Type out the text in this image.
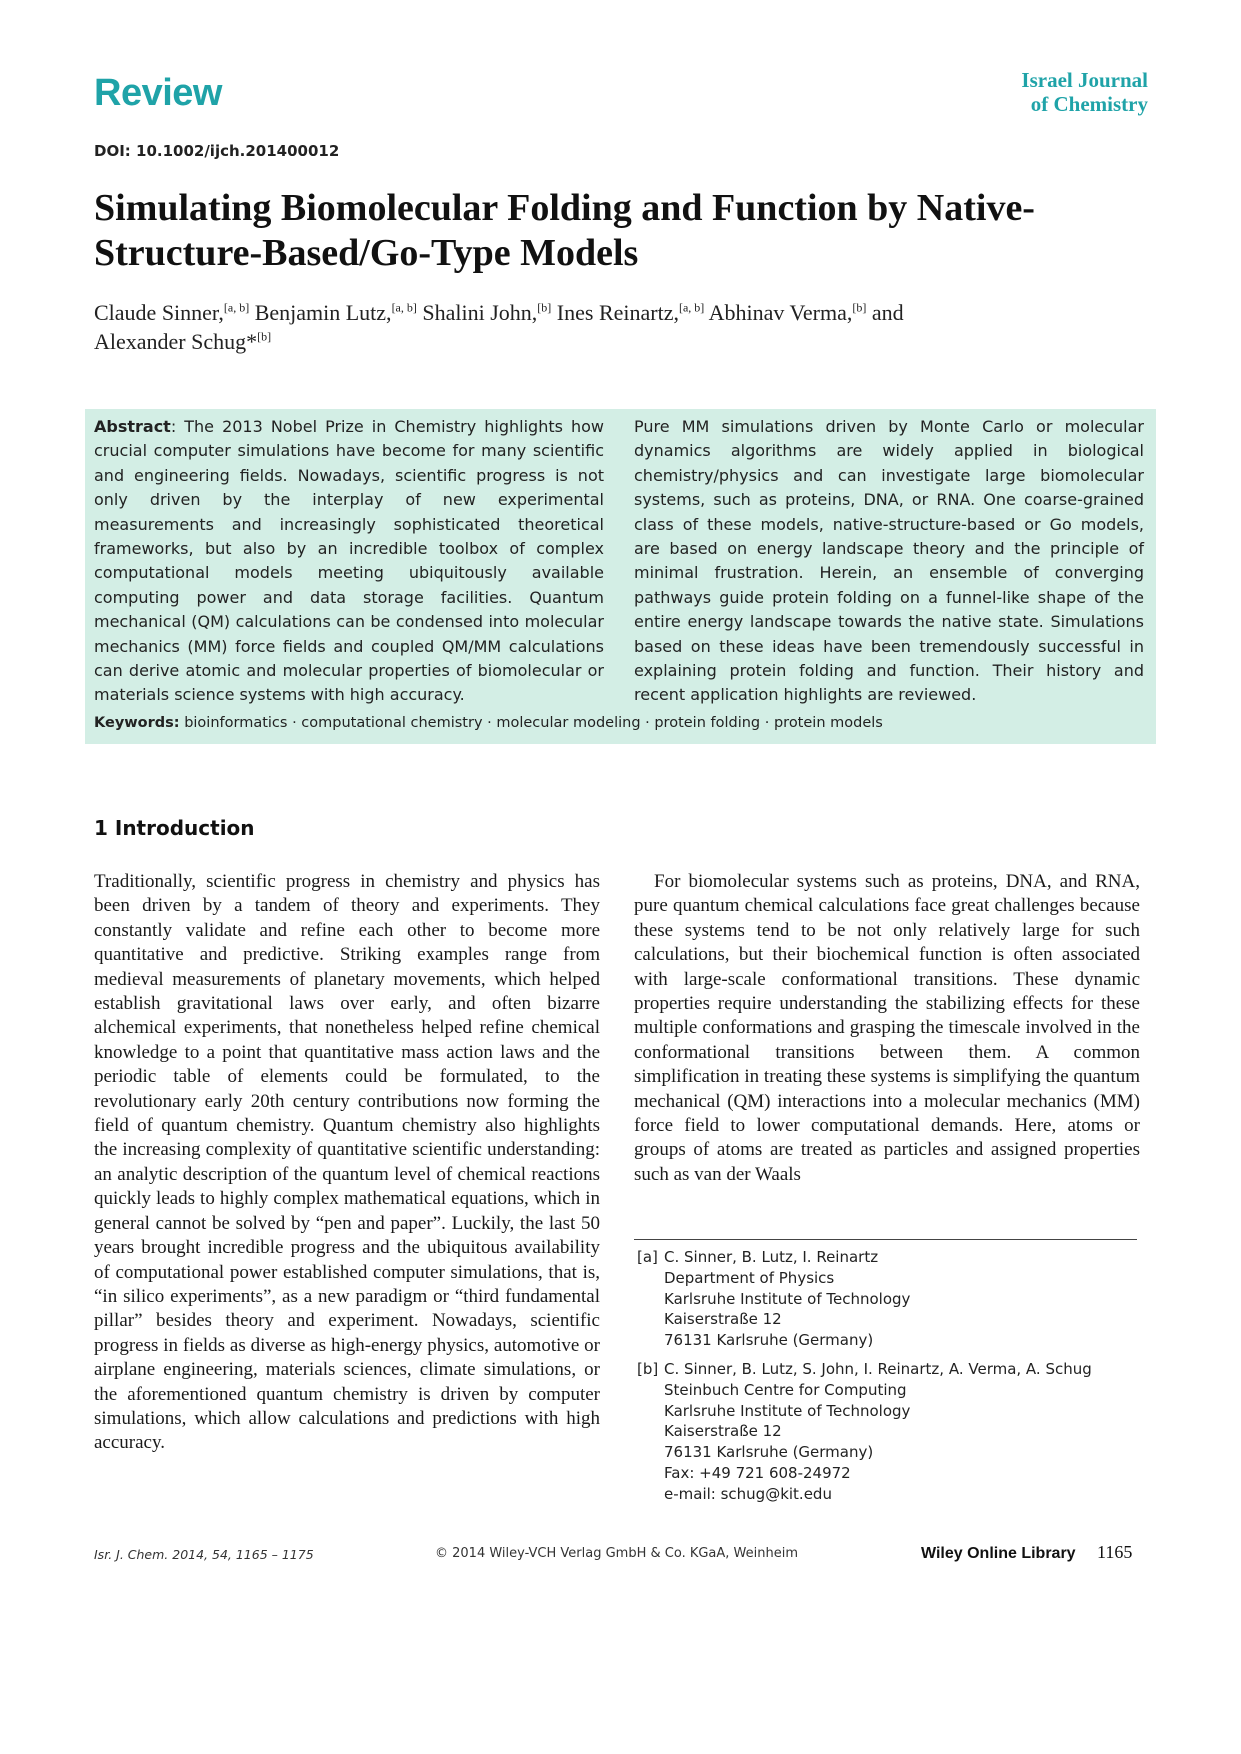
Review	Israel Journal
of Chemistry
DOI: 10.1002/ijch.201400012
Simulating Biomolecular Folding and Function by Native-Structure-Based/Go-Type Models
Claude Sinner,[a, b] Benjamin Lutz,[a, b] Shalini John,[b] Ines Reinartz,[a, b] Abhinav Verma,[b] and
Alexander Schug*[b]
Abstract: The 2013 Nobel Prize in Chemistry highlights how crucial computer simulations have become for many scientific and engineering fields. Nowadays, scientific progress is not only driven by the interplay of new experimental measurements and increasingly sophisticated theoretical frameworks, but also by an incredible toolbox of complex computational models meeting ubiquitously available computing power and data storage facilities. Quantum mechanical (QM) calculations can be condensed into molecular mechanics (MM) force fields and coupled QM/MM calculations can derive atomic and molecular properties of biomolecular or materials science systems with high accuracy.
Pure MM simulations driven by Monte Carlo or molecular dynamics algorithms are widely applied in biological chemistry/physics and can investigate large biomolecular systems, such as proteins, DNA, or RNA. One coarse-grained class of these models, native-structure-based or Go models, are based on energy landscape theory and the principle of minimal frustration. Herein, an ensemble of converging pathways guide protein folding on a funnel-like shape of the entire energy landscape towards the native state. Simulations based on these ideas have been tremendously successful in explaining protein folding and function. Their history and recent application highlights are reviewed.
Keywords: bioinformatics · computational chemistry · molecular modeling · protein folding · protein models
1 Introduction
Traditionally, scientific progress in chemistry and physics has been driven by a tandem of theory and experiments. They constantly validate and refine each other to become more quantitative and predictive. Striking examples range from medieval measurements of planetary movements, which helped establish gravitational laws over early, and often bizarre alchemical experiments, that nonetheless helped refine chemical knowledge to a point that quantitative mass action laws and the periodic table of elements could be formulated, to the revolutionary early 20th century contributions now forming the field of quantum chemistry. Quantum chemistry also highlights the increasing complexity of quantitative scientific understanding: an analytic description of the quantum level of chemical reactions quickly leads to highly complex mathematical equations, which in general cannot be solved by “pen and paper”. Luckily, the last 50 years brought incredible progress and the ubiquitous availability of computational power established computer simulations, that is, “in silico experiments”, as a new paradigm or “third fundamental pillar” besides theory and experiment. Nowadays, scientific progress in fields as diverse as high-energy physics, automotive or airplane engineering, materials sciences, climate simulations, or the aforementioned quantum chemistry is driven by computer simulations, which allow calculations and predictions with high accuracy.
For biomolecular systems such as proteins, DNA, and RNA, pure quantum chemical calculations face great challenges because these systems tend to be not only relatively large for such calculations, but their biochemical function is often associated with large-scale conformational transitions. These dynamic properties require understanding the stabilizing effects for these multiple conformations and grasping the timescale involved in the conformational transitions between them. A common simplification in treating these systems is simplifying the quantum mechanical (QM) interactions into a molecular mechanics (MM) force field to lower computational demands. Here, atoms or groups of atoms are treated as particles and assigned properties such as van der Waals
[a] C. Sinner, B. Lutz, I. Reinartz
Department of Physics
Karlsruhe Institute of Technology
Kaiserstraße 12
76131 Karlsruhe (Germany)
[b] C. Sinner, B. Lutz, S. John, I. Reinartz, A. Verma, A. Schug
Steinbuch Centre for Computing
Karlsruhe Institute of Technology
Kaiserstraße 12
76131 Karlsruhe (Germany)
Fax: +49 721 608-24972
e-mail: schug@kit.edu
Isr. J. Chem. 2014, 54, 1165 – 1175	© 2014 Wiley-VCH Verlag GmbH & Co. KGaA, Weinheim	Wiley Online Library 1165
